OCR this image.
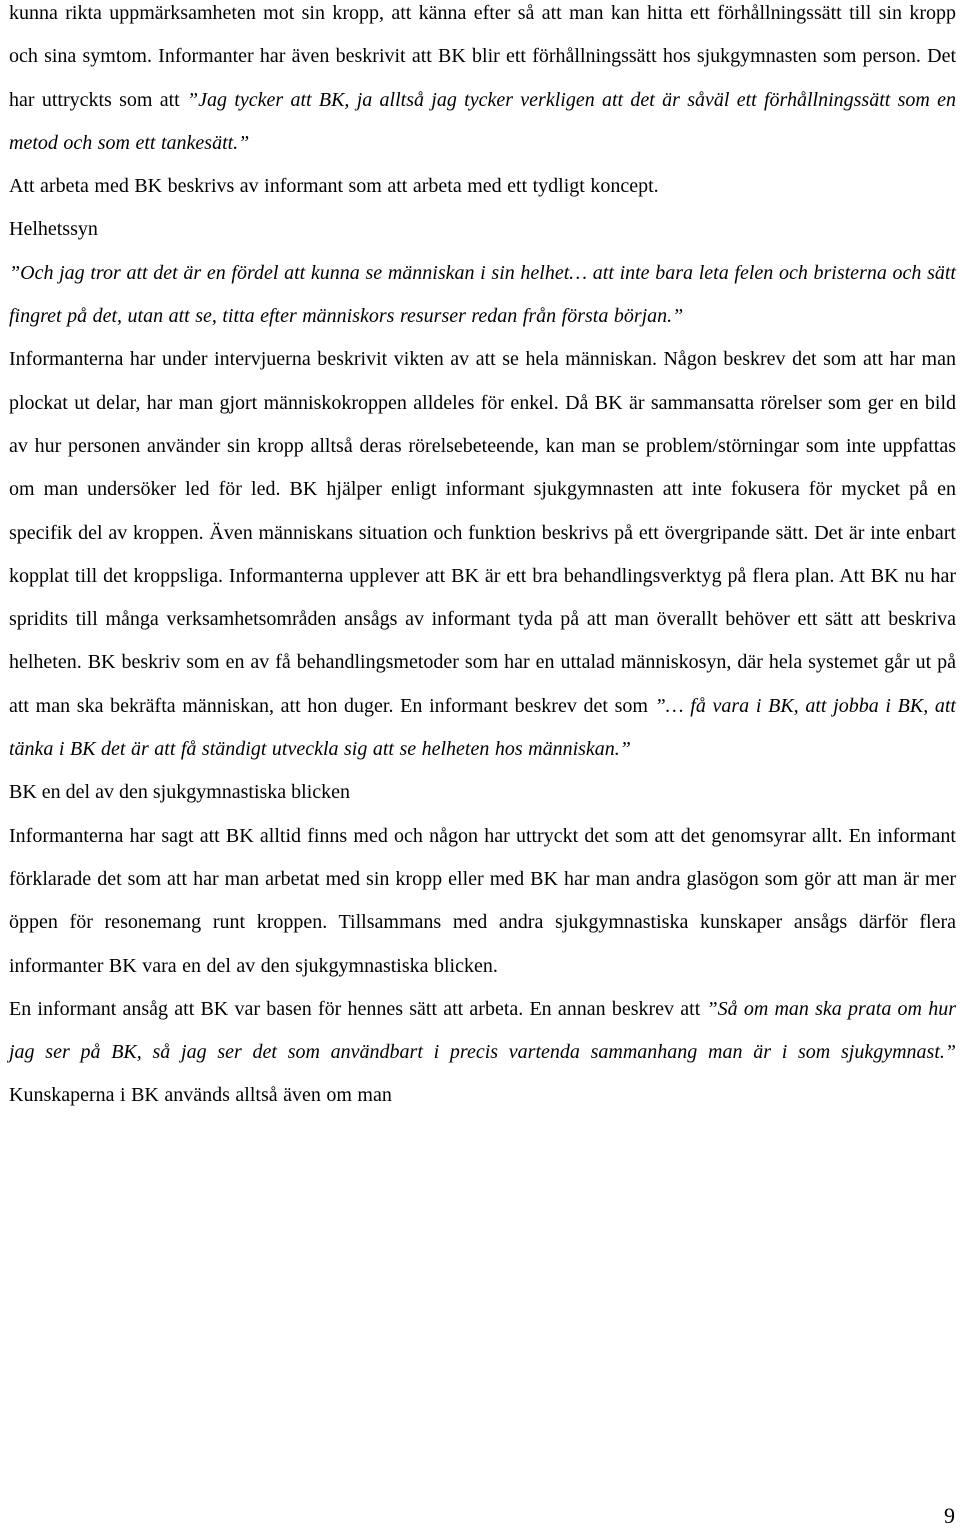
kunna rikta uppmärksamheten mot sin kropp, att känna efter så att man kan hitta ett förhållningssätt till sin kropp och sina symtom. Informanter har även beskrivit att BK blir ett förhållningssätt hos sjukgymnasten som person. Det har uttryckts som att ”Jag tycker att BK, ja alltså jag tycker verkligen att det är såväl ett förhållningssätt som en metod och som ett tankesätt.”

Att arbeta med BK beskrivs av informant som att arbeta med ett tydligt koncept.

Helhetssyn

”Och jag tror att det är en fördel att kunna se människan i sin helhet… att inte bara leta felen och bristerna och sätt fingret på det, utan att se, titta efter människors resurser redan från första början.”

Informanterna har under intervjuerna beskrivit vikten av att se hela människan. Någon beskrev det som att har man plockat ut delar, har man gjort människokroppen alldeles för enkel. Då BK är sammansatta rörelser som ger en bild av hur personen använder sin kropp alltså deras rörelsebeteende, kan man se problem/störningar som inte uppfattas om man undersöker led för led. BK hjälper enligt informant sjukgymnasten att inte fokusera för mycket på en specifik del av kroppen. Även människans situation och funktion beskrivs på ett övergripande sätt. Det är inte enbart kopplat till det kroppsliga. Informanterna upplever att BK är ett bra behandlingsverktyg på flera plan. Att BK nu har spridits till många verksamhetsområden ansågs av informant tyda på att man överallt behöver ett sätt att beskriva helheten. BK beskriv som en av få behandlingsmetoder som har en uttalad människosyn, där hela systemet går ut på att man ska bekräfta människan, att hon duger. En informant beskrev det som ”… få vara i BK, att jobba i BK, att tänka i BK det är att få ständigt utveckla sig att se helheten hos människan.”

BK en del av den sjukgymnastiska blicken

Informanterna har sagt att BK alltid finns med och någon har uttryckt det som att det genomsyrar allt. En informant förklarade det som att har man arbetat med sin kropp eller med BK har man andra glasögon som gör att man är mer öppen för resonemang runt kroppen. Tillsammans med andra sjukgymnastiska kunskaper ansågs därför flera informanter BK vara en del av den sjukgymnastiska blicken.

En informant ansåg att BK var basen för hennes sätt att arbeta. En annan beskrev att ”Så om man ska prata om hur jag ser på BK, så jag ser det som användbart i precis vartenda sammanhang man är i som sjukgymnast.” Kunskaperna i BK används alltså även om man

9
